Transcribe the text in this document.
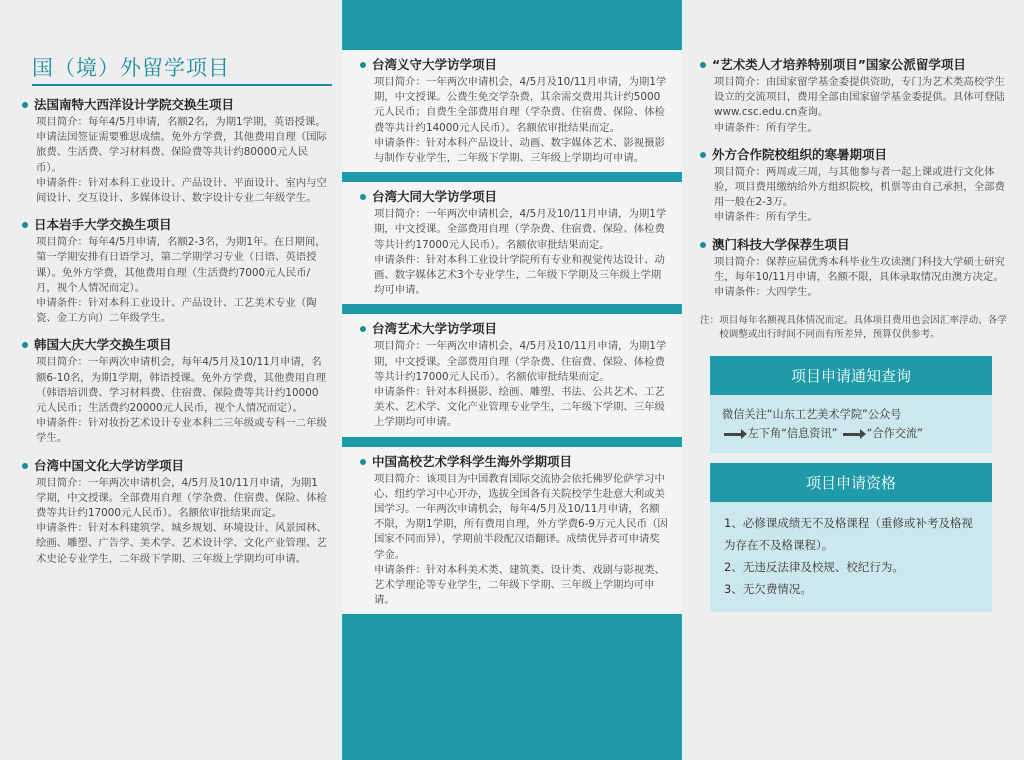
国（境）外留学项目
法国南特大西洋设计学院交换生项目
项目简介：每年4/5月申请，名额2名，为期1学期，英语授课。申请法国签证需要雅思成绩。免外方学费，其他费用自理（国际旅费、生活费、学习材料费、保险费等共计约80000元人民币）。
申请条件：针对本科工业设计、产品设计、平面设计、室内与空间设计、交互设计、多媒体设计、数字设计专业二年级学生。
日本岩手大学交换生项目
项目简介：每年4/5月申请，名额2-3名，为期1年。在日期间，第一学期安排有日语学习，第二学期学习专业（日语、英语授课）。免外方学费，其他费用自理（生活费约7000元人民币/月，视个人情况而定）。
申请条件：针对本科工业设计、产品设计、工艺美术专业（陶瓷、金工方向）二年级学生。
韩国大庆大学交换生项目
项目简介：一年两次申请机会，每年4/5月及10/11月申请，名额6-10名，为期1学期，韩语授课。免外方学费，其他费用自理（韩语培训费、学习材料费、住宿费、保险费等共计约10000元人民币；生活费约20000元人民币，视个人情况而定）。
申请条件：针对妆扮艺术设计专业本科二三年级或专科一二年级学生。
台湾中国文化大学访学项目
项目简介：一年两次申请机会，4/5月及10/11月申请，为期1学期，中文授课。全部费用自理（学杂费、住宿费、保险、体检费等共计约17000元人民币）。名额依审批结果而定。
申请条件：针对本科建筑学、城乡规划、环境设计、风景园林、绘画、雕塑、广告学、美术学、艺术设计学、文化产业管理、艺术史论专业学生，二年级下学期、三年级上学期均可申请。
台湾义守大学访学项目
项目简介：一年两次申请机会，4/5月及10/11月申请，为期1学期，中文授课。公费生免交学杂费，其余需交费用共计约5000元人民币；自费生全部费用自理（学杂费、住宿费、保险、体检费等共计约14000元人民币）。名额依审批结果而定。
申请条件：针对本科产品设计、动画、数字媒体艺术、影视摄影与制作专业学生，二年级下学期、三年级上学期均可申请。
台湾大同大学访学项目
项目简介：一年两次申请机会，4/5月及10/11月申请，为期1学期，中文授课。全部费用自理（学杂费、住宿费、保险、体检费等共计约17000元人民币）。名额依审批结果而定。
申请条件：针对本科工业设计学院所有专业和视觉传达设计、动画、数字媒体艺术3个专业学生，二年级下学期及三年级上学期均可申请。
台湾艺术大学访学项目
项目简介：一年两次申请机会，4/5月及10/11月申请，为期1学期，中文授课。全部费用自理（学杂费、住宿费、保险、体检费等共计约17000元人民币）。名额依审批结果而定。
申请条件：针对本科摄影、绘画、雕塑、书法、公共艺术、工艺美术、艺术学、文化产业管理专业学生，二年级下学期、三年级上学期均可申请。
中国高校艺术学科学生海外学期项目
项目简介：该项目为中国教育国际交流协会依托佛罗伦萨学习中心、纽约学习中心开办，选拔全国各有关院校学生赴意大利或美国学习。一年两次申请机会，每年4/5月及10/11月申请，名额不限，为期1学期，所有费用自理，外方学费6-9万元人民币（因国家不同而异），学期前半段配汉语翻译。成绩优异者可申请奖学金。
申请条件：针对本科美术类、建筑类、设计类、戏剧与影视类、艺术学理论等专业学生，二年级下学期、三年级上学期均可申请。
“艺术类人才培养特别项目”国家公派留学项目
项目简介：由国家留学基金委提供资助，专门为艺术类高校学生设立的交流项目，费用全部由国家留学基金委提供。具体可登陆www.csc.edu.cn查询。
申请条件：所有学生。
外方合作院校组织的寒暑期项目
项目简介：两周或三周，与其他参与者一起上课或进行文化体验，项目费用缴纳给外方组织院校，机票等由自己承担，全部费用一般在2-3万。
申请条件：所有学生。
澳门科技大学保荐生项目
项目简介：保荐应届优秀本科毕业生攻读澳门科技大学硕士研究生，每年10/11月申请，名额不限，具体录取情况由澳方决定。
申请条件：大四学生。
注： 项目每年名额视具体情况而定。具体项目费用也会因汇率浮动、各学校调整或出行时间不同而有所差异，预算仅供参考。
项目申请通知查询
微信关注“山东工艺美术学院”公众号
左下角“信息资讯”	“合作交流”
项目申请资格
1、必修课成绩无不及格课程（重修或补考及格视为存在不及格课程）。
2、无违反法律及校规、校纪行为。
3、无欠费情况。
